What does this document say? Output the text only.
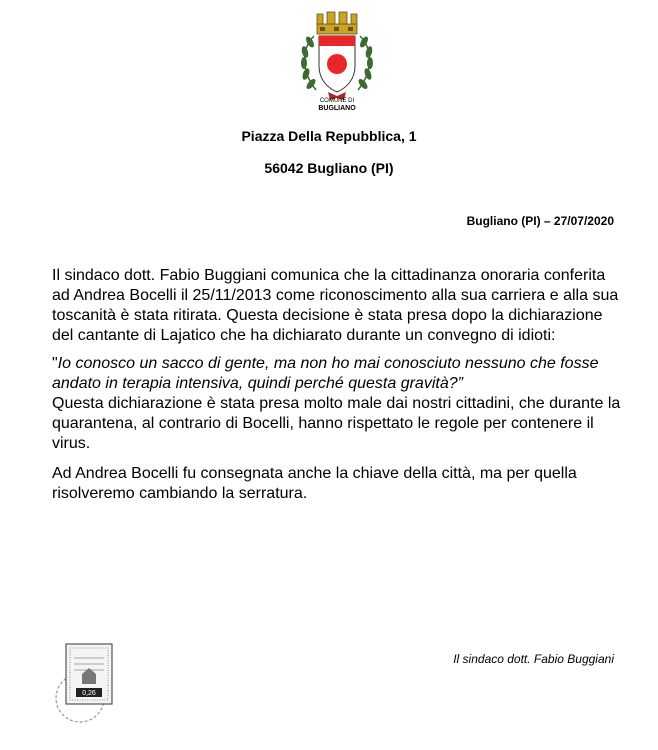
COMUNE DI
BUGLIANO
Piazza Della Repubblica, 1
56042 Bugliano (PI)
Bugliano (PI) – 27/07/2020

Il sindaco dott. Fabio Buggiani comunica che la cittadinanza onoraria conferita ad Andrea Bocelli il 25/11/2013 come riconoscimento alla sua carriera e alla sua toscanità è stata ritirata. Questa decisione è stata presa dopo la dichiarazione del cantante di Lajatico che ha dichiarato durante un convegno di idioti:

"Io conosco un sacco di gente, ma non ho mai conosciuto nessuno che fosse andato in terapia intensiva, quindi perché questa gravità?”

Questa dichiarazione è stata presa molto male dai nostri cittadini, che durante la quarantena, al contrario di Bocelli, hanno rispettato le regole per contenere il virus.

Ad Andrea Bocelli fu consegnata anche la chiave della città, ma per quella risolveremo cambiando la serratura.

Il sindaco dott. Fabio Buggiani
0,26
